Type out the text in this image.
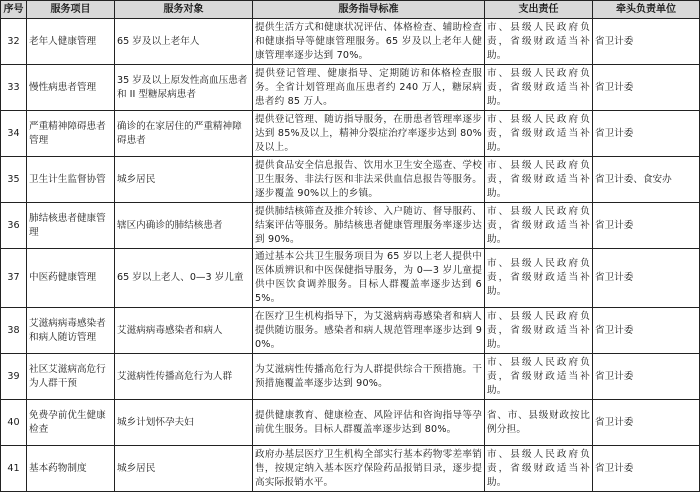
序号	服务项目	服务对象	服务指导标准	支出责任	牵头负责单位
32	老年人健康管理	65 岁及以上老年人	提供生活方式和健康状况评估、体格检查、辅助检查和健康指导等健康管理服务。65 岁及以上老年人健康管理率逐步达到 70%。	市、县级人民政府负责，省级财政适当补助。	省卫计委
33	慢性病患者管理	35 岁及以上原发性高血压患者和 II 型糖尿病患者	提供登记管理、健康指导、定期随访和体格检查服务。全省计划管理高血压患者约 240 万人，糖尿病患者约 85 万人。	市、县级人民政府负责，省级财政适当补助。	省卫计委
34	严重精神障碍患者管理	确诊的在家居住的严重精神障碍患者	提供登记管理、随访指导服务，在册患者管理率逐步达到 85%及以上，精神分裂症治疗率逐步达到 80%及以上。	市、县级人民政府负责，省级财政适当补助。	省卫计委
35	卫生计生监督协管	城乡居民	提供食品安全信息报告、饮用水卫生安全巡查、学校卫生服务、非法行医和非法采供血信息报告等服务。逐步覆盖 90%以上的乡镇。	市、县级人民政府负责，省级财政适当补助。	省卫计委、食安办
36	肺结核患者健康管理	辖区内确诊的肺结核患者	提供肺结核筛查及推介转诊、入户随访、督导服药、结案评估等服务。肺结核患者健康管理服务率逐步达到 90%。	市、县级人民政府负责，省级财政适当补助。	省卫计委
37	中医药健康管理	65 岁以上老人、0—3 岁儿童	通过基本公共卫生服务项目为 65 岁以上老人提供中医体质辨识和中医保健指导服务，为 0—3 岁儿童提供中医饮食调养服务。目标人群覆盖率逐步达到 65%。	市、县级人民政府负责，省级财政适当补助。	省卫计委
38	艾滋病病毒感染者和病人随访管理	艾滋病病毒感染者和病人	在医疗卫生机构指导下，为艾滋病病毒感染者和病人提供随访服务。感染者和病人规范管理率逐步达到 90%。	市、县级人民政府负责，省级财政适当补助。	省卫计委
39	社区艾滋病高危行为人群干预	艾滋病性传播高危行为人群	为艾滋病性传播高危行为人群提供综合干预措施。干预措施覆盖率逐步达到 90%。	市、县级人民政府负责，省级财政适当补助。	省卫计委
40	免费孕前优生健康检查	城乡计划怀孕夫妇	提供健康教育、健康检查、风险评估和咨询指导等孕前优生服务。目标人群覆盖率逐步达到 80%。	省、市、县级财政按比例分担。	省卫计委
41	基本药物制度	城乡居民	政府办基层医疗卫生机构全部实行基本药物零差率销售，按规定纳入基本医疗保险药品报销目录，逐步提高实际报销水平。	市、县级人民政府负责，省级财政适当补助。	省卫计委
